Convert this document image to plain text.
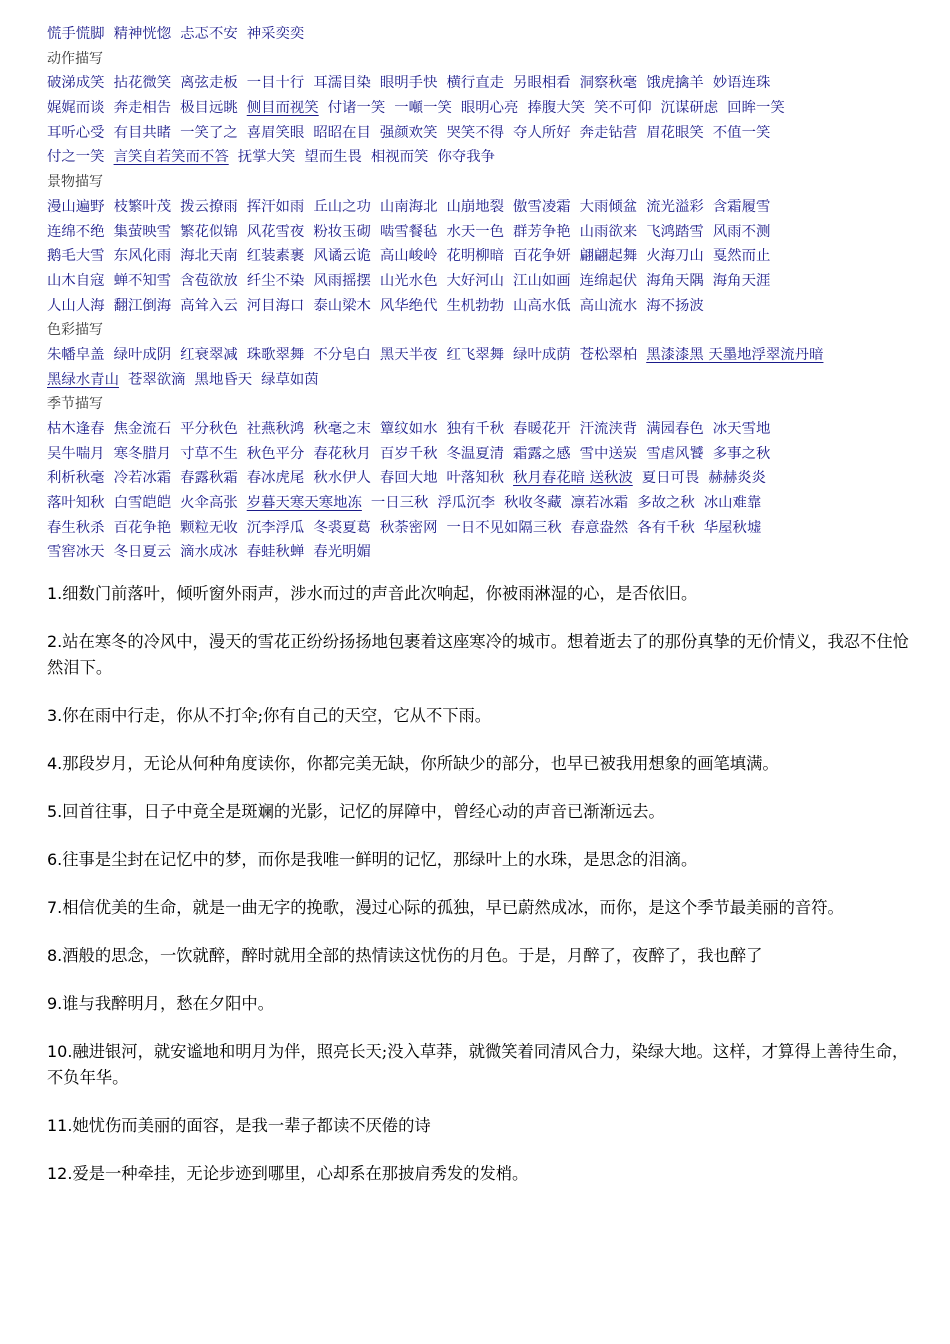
慌手慌脚 精神恍惚 忐忑不安 神采奕奕
动作描写
破涕成笑 拈花微笑 离弦走板 一目十行 耳濡目染 眼明手快 横行直走 另眼相看 洞察秋毫 饿虎擒羊 妙语连珠
娓娓而谈 奔走相告 极目远眺 侧目而视笑 付诸一笑 一噸一笑 眼明心亮 捧腹大笑 笑不可仰 沉谋研虑 回眸一笑
耳听心受 有目共睹 一笑了之 喜眉笑眼 昭昭在目 强颜欢笑 哭笑不得 夺人所好 奔走钻营 眉花眼笑 不值一笑
付之一笑 言笑自若笑而不答 抚掌大笑 望而生畏 相视而笑 你夺我争
景物描写
漫山遍野 枝繁叶茂 拨云撩雨 挥汗如雨 丘山之功 山南海北 山崩地裂 傲雪凌霜 大雨倾盆 流光溢彩 含霜履雪
连绵不绝 集萤映雪 繁花似锦 风花雪夜 粉妆玉砌 啮雪餐毡 水天一色 群芳争艳 山雨欲来 飞鸿踏雪 风雨不测
鹅毛大雪 东风化雨 海北天南 红装素裹 风谲云诡 高山峻岭 花明柳暗 百花争妍 翩翩起舞 火海刀山 戛然而止
山木自寇 蝉不知雪 含苞欲放 纤尘不染 风雨摇摆 山光水色 大好河山 江山如画 连绵起伏 海角天隅 海角天涯
人山人海 翻江倒海 高耸入云 河目海口 泰山梁木 风华绝代 生机勃勃 山高水低 高山流水 海不扬波
色彩描写
朱幡皁盖 绿叶成阴 红衰翠减 珠歌翠舞 不分皂白 黑天半夜 红飞翠舞 绿叶成荫 苍松翠柏 黑漆漆黑 天墨地浮翠流丹暗
黑绿水青山 苍翠欲滴 黑地昏天 绿草如茵
季节描写
枯木逢春 焦金流石 平分秋色 社燕秋鸿 秋毫之末 簟纹如水 独有千秋 春暖花开 汗流浃背 满园春色 冰天雪地
吴牛喘月 寒冬腊月 寸草不生 秋色平分 春花秋月 百岁千秋 冬温夏清 霜露之感 雪中送炭 雪虐风饕 多事之秋
利析秋毫 冷若冰霜 春露秋霜 春冰虎尾 秋水伊人 春回大地 叶落知秋 秋月春花暗 送秋波 夏日可畏 赫赫炎炎
落叶知秋 白雪皑皑 火伞高张 岁暮天寒天寒地冻 一日三秋 浮瓜沉李 秋收冬藏 凛若冰霜 多故之秋 冰山难靠
春生秋杀 百花争艳 颗粒无收 沉李浮瓜 冬裘夏葛 秋荼密网 一日不见如隔三秋 春意盎然 各有千秋 华屋秋墟
雪窖冰天 冬日夏云 滴水成冰 春蛙秋蝉 春光明媚

1.细数门前落叶，倾听窗外雨声，涉水而过的声音此次响起，你被雨淋湿的心，是否依旧。

2.站在寒冬的冷风中，漫天的雪花正纷纷扬扬地包裹着这座寒冷的城市。想着逝去了的那份真挚的无价情义，我忍不住怆然泪下。

3.你在雨中行走，你从不打伞;你有自己的天空，它从不下雨。

4.那段岁月，无论从何种角度读你，你都完美无缺，你所缺少的部分，也早已被我用想象的画笔填满。

5.回首往事，日子中竟全是斑斓的光影，记忆的屏障中，曾经心动的声音已渐渐远去。

6.往事是尘封在记忆中的梦，而你是我唯一鲜明的记忆，那绿叶上的水珠，是思念的泪滴。

7.相信优美的生命，就是一曲无字的挽歌，漫过心际的孤独，早已蔚然成冰，而你，是这个季节最美丽的音符。

8.酒般的思念，一饮就醉，醉时就用全部的热情读这忧伤的月色。于是，月醉了，夜醉了，我也醉了

9.谁与我醉明月，愁在夕阳中。

10.融进银河，就安谧地和明月为伴，照亮长天;没入草莽，就微笑着同清风合力，染绿大地。这样，才算得上善待生命，不负年华。

11.她忧伤而美丽的面容，是我一辈子都读不厌倦的诗

12.爱是一种牵挂，无论步迹到哪里，心却系在那披肩秀发的发梢。
